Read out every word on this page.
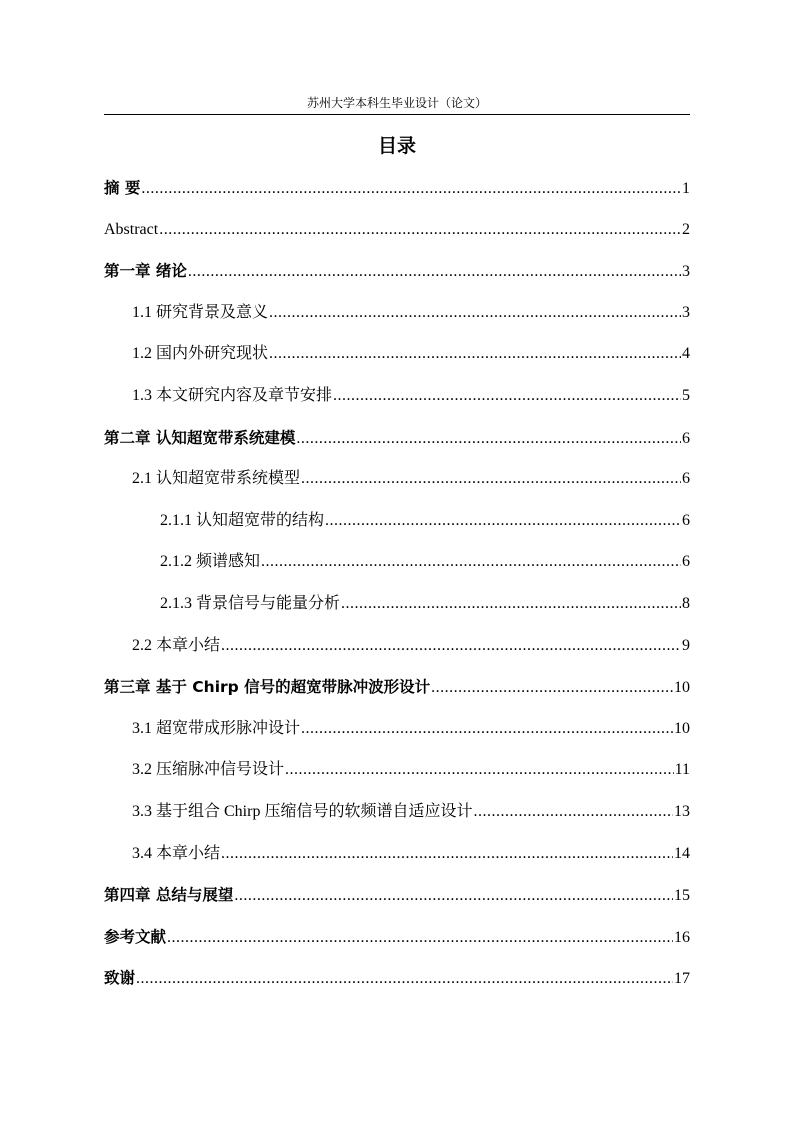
苏州大学本科生毕业设计（论文）
目录
摘 要 .....	1
Abstract .....	2
第一章 绪论 .....	3
1.1 研究背景及意义 .....	3
1.2 国内外研究现状 .....	4
1.3 本文研究内容及章节安排 .....	5
第二章 认知超宽带系统建模 .....	6
2.1 认知超宽带系统模型 .....	6
2.1.1 认知超宽带的结构 .....	6
2.1.2 频谱感知 .....	6
2.1.3 背景信号与能量分析 .....	8
2.2 本章小结 .....	9
第三章 基于 Chirp 信号的超宽带脉冲波形设计 .....	10
3.1 超宽带成形脉冲设计 .....	10
3.2 压缩脉冲信号设计 .....	11
3.3 基于组合 Chirp 压缩信号的软频谱自适应设计 .....	13
3.4 本章小结 .....	14
第四章 总结与展望 .....	15
参考文献 .....	16
致谢 .....	17
